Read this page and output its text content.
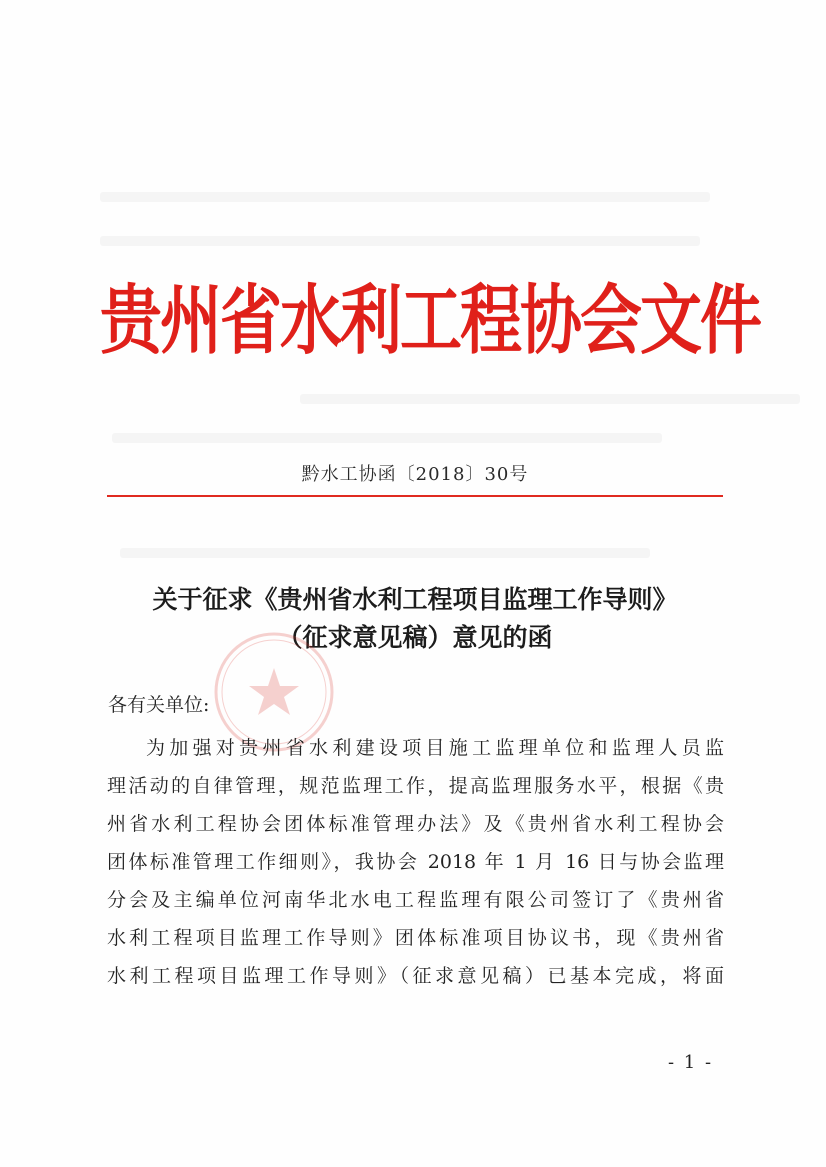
贵州省水利工程协会文件
黔水工协函〔2018〕30号
关于征求《贵州省水利工程项目监理工作导则》
（征求意见稿）意见的函
各有关单位:
为加强对贵州省水利建设项目施工监理单位和监理人员监
理活动的自律管理，规范监理工作，提高监理服务水平，根据《贵
州省水利工程协会团体标准管理办法》及《贵州省水利工程协会
团体标准管理工作细则》，我协会 2018 年 1 月 16 日与协会监理
分会及主编单位河南华北水电工程监理有限公司签订了《贵州省
水利工程项目监理工作导则》团体标准项目协议书，现《贵州省
水利工程项目监理工作导则》（征求意见稿）已基本完成，将面
- 1 -
